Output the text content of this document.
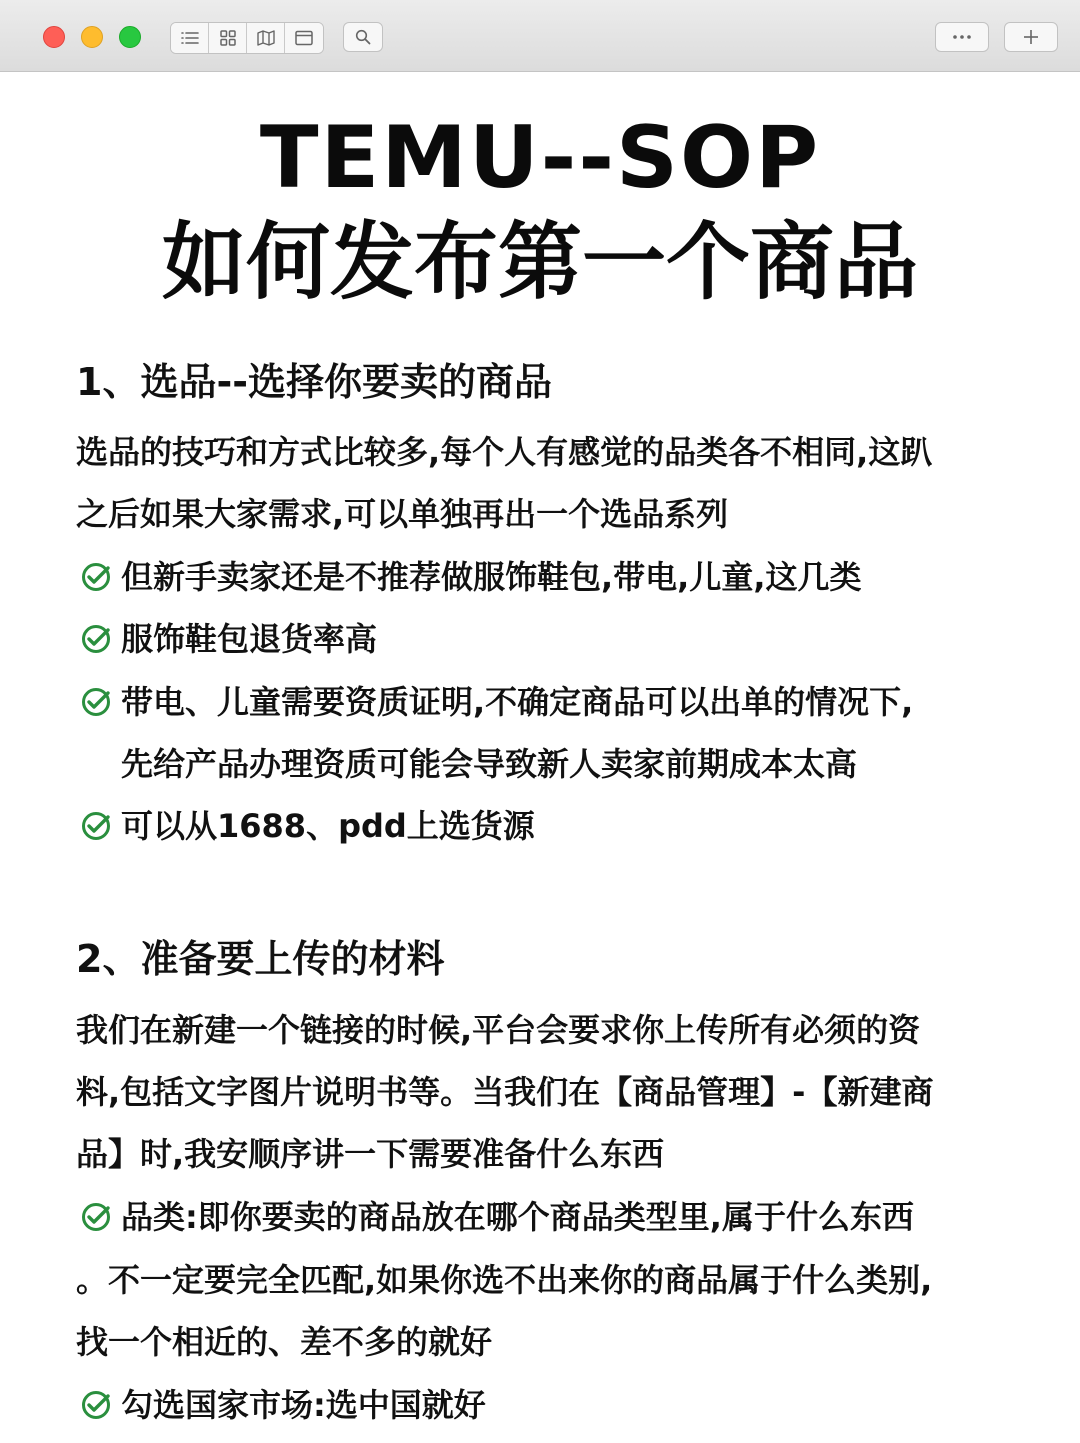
TEMU--SOP
如何发布第一个商品
1、选品--选择你要卖的商品
选品的技巧和方式比较多,每个人有感觉的品类各不相同,这趴
之后如果大家需求,可以单独再出一个选品系列
但新手卖家还是不推荐做服饰鞋包,带电,儿童,这几类
服饰鞋包退货率高
带电、儿童需要资质证明,不确定商品可以出单的情况下,
先给产品办理资质可能会导致新人卖家前期成本太高
可以从1688、pdd上选货源
2、准备要上传的材料
我们在新建一个链接的时候,平台会要求你上传所有必须的资
料,包括文字图片说明书等。当我们在【商品管理】-【新建商
品】时,我安顺序讲一下需要准备什么东西
品类:即你要卖的商品放在哪个商品类型里,属于什么东西
。不一定要完全匹配,如果你选不出来你的商品属于什么类别,
找一个相近的、差不多的就好
勾选国家市场:选中国就好
